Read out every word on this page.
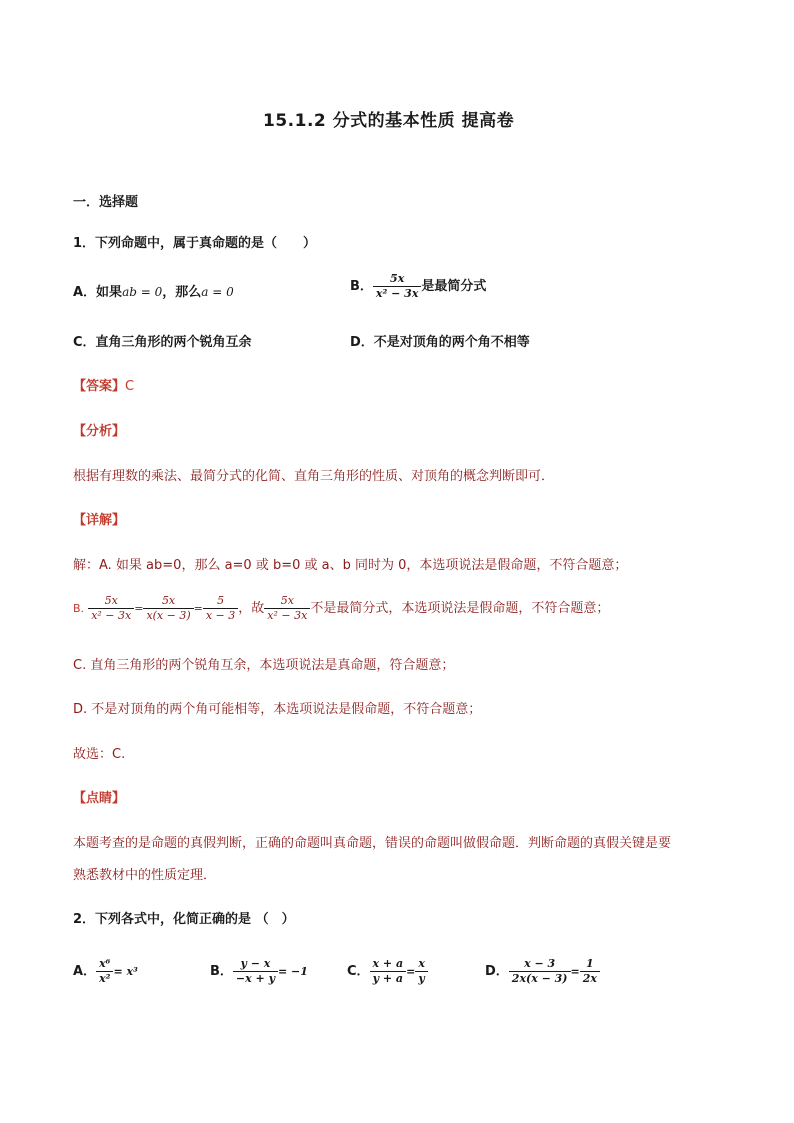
15.1.2 分式的基本性质 提高卷
一．选择题
1．下列命题中，属于真命题的是（　　）
A．如果ab = 0，那么a = 0	B． $\frac{5x}{\text{x² − 3x}}$ 是最简分式
C．直角三角形的两个锐角互余	D．不是对顶角的两个角不相等
【答案】C
【分析】
根据有理数的乘法、最简分式的化简、直角三角形的性质、对顶角的概念判断即可．
【详解】
解：A. 如果 ab=0，那么 a=0 或 b=0 或 a、b 同时为 0，本选项说法是假命题，不符合题意；
B. $\frac{5x}{\text{x² − 3x}} = \frac{5x}{x(x - 3)} = \frac{5}{x - 3}$ ，故 $\frac{5x}{\text{x² − 3x}}$ 不是最简分式，本选项说法是假命题，不符合题意；
C. 直角三角形的两个锐角互余，本选项说法是真命题，符合题意；
D. 不是对顶角的两个角可能相等，本选项说法是假命题，不符合题意；
故选：C.
【点睛】
本题考查的是命题的真假判断，正确的命题叫真命题，错误的命题叫做假命题．判断命题的真假关键是要
熟悉教材中的性质定理．
2．下列各式中，化简正确的是 （　）
A． $\frac{\text{x⁶}}{\text{x²}} = x^3$	B． $\frac{y - x}{-x + y} = -1$	C． $\frac{x + a}{y + a} = \frac{x}{y}$	D． $\frac{x - 3}{2x(x - 3)} = \frac{1}{2x}$
